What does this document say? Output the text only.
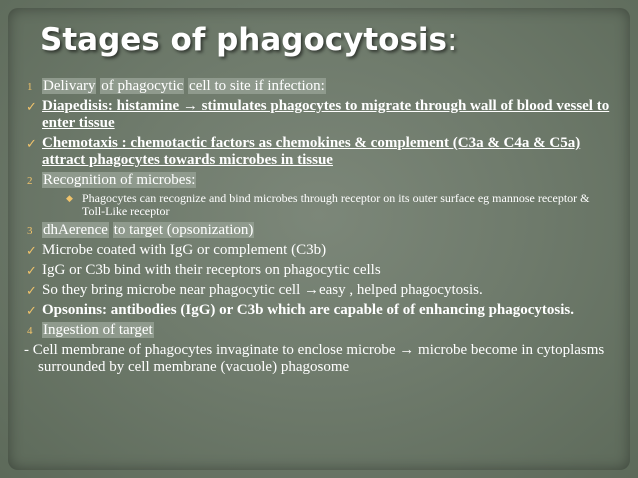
Stages of phagocytosis:
1 Delivary of phagocytic cell to site if infection:
✓ Diapedisis: histamine → stimulates phagocytes to migrate through wall of blood vessel to enter tissue
✓ Chemotaxis : chemotactic factors as chemokines & complement (C3a & C4a & C5a) attract phagocytes towards microbes in tissue
2 Recognition of microbes:
◆ Phagocytes can recognize and bind microbes through receptor on its outer surface eg mannose receptor & Toll-Like receptor
3 dhAerence to target (opsonization)
✓ Microbe coated with IgG or complement (C3b)
✓ IgG or C3b bind with their receptors on phagocytic cells
✓ So they bring microbe near phagocytic cell →easy , helped phagocytosis.
✓ Opsonins: antibodies (IgG) or C3b which are capable of of enhancing phagocytosis.
4 Ingestion of target
- Cell membrane of phagocytes invaginate to enclose microbe → microbe become in cytoplasms surrounded by cell membrane (vacuole) phagosome
